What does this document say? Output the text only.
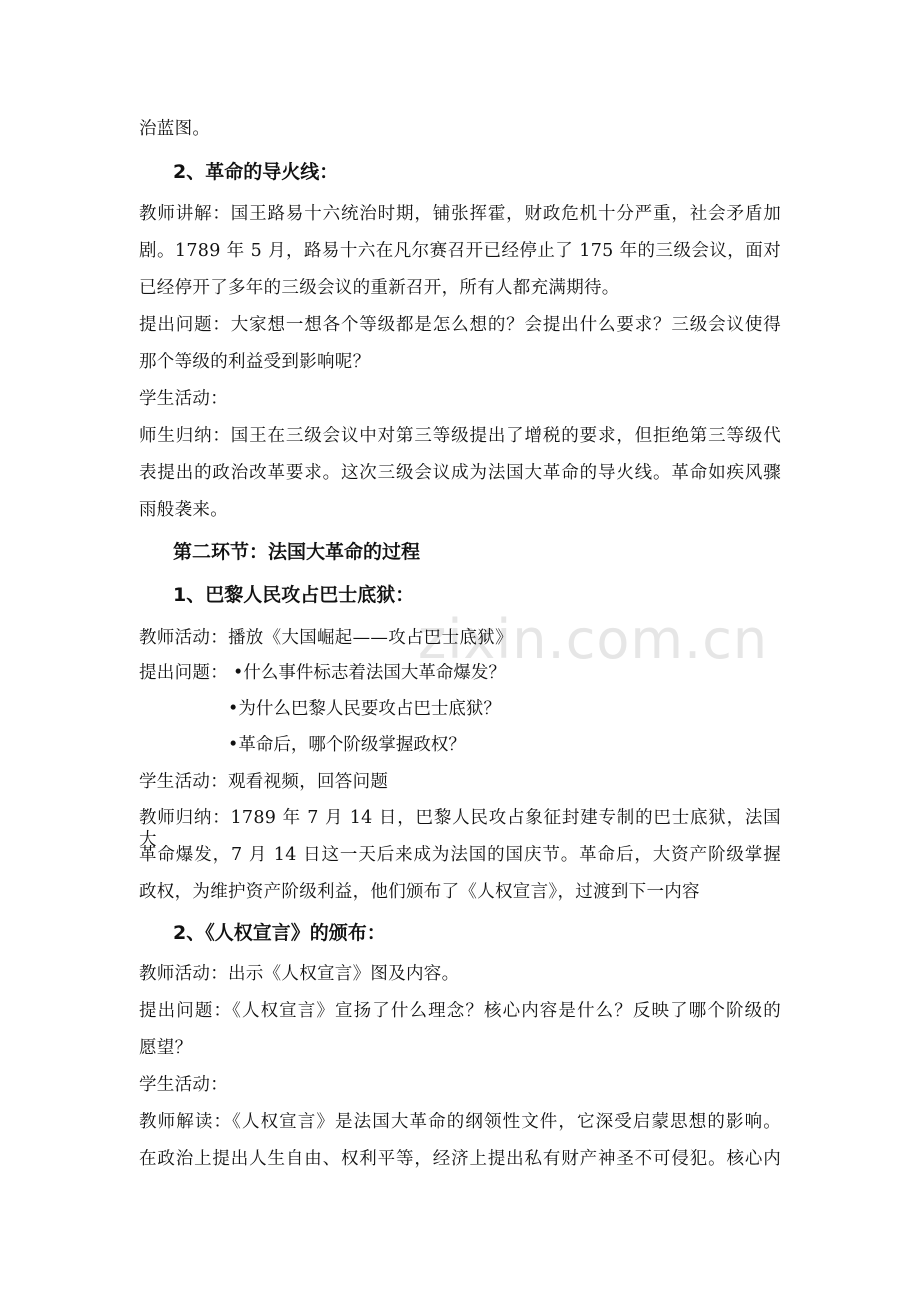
zixin.com.cn
治蓝图。
2、革命的导火线：
教师讲解：国王路易十六统治时期，铺张挥霍，财政危机十分严重，社会矛盾加
剧。1789 年 5 月，路易十六在凡尔赛召开已经停止了 175 年的三级会议，面对
已经停开了多年的三级会议的重新召开，所有人都充满期待。
提出问题：大家想一想各个等级都是怎么想的？会提出什么要求？三级会议使得
那个等级的利益受到影响呢？
学生活动：
师生归纳：国王在三级会议中对第三等级提出了增税的要求，但拒绝第三等级代
表提出的政治改革要求。这次三级会议成为法国大革命的导火线。革命如疾风骤
雨般袭来。
第二环节：法国大革命的过程
1、巴黎人民攻占巴士底狱：
教师活动：播放《大国崛起——攻占巴士底狱》
提出问题： •什么事件标志着法国大革命爆发？
•为什么巴黎人民要攻占巴士底狱？
•革命后，哪个阶级掌握政权？
学生活动：观看视频，回答问题
教师归纳：1789 年 7 月 14 日，巴黎人民攻占象征封建专制的巴士底狱，法国大
革命爆发，7 月 14 日这一天后来成为法国的国庆节。革命后，大资产阶级掌握
政权，为维护资产阶级利益，他们颁布了《人权宣言》，过渡到下一内容
2、《人权宣言》的颁布：
教师活动：出示《人权宣言》图及内容。
提出问题：《人权宣言》宣扬了什么理念？核心内容是什么？反映了哪个阶级的
愿望？
学生活动：
教师解读：《人权宣言》是法国大革命的纲领性文件，它深受启蒙思想的影响。
在政治上提出人生自由、权利平等，经济上提出私有财产神圣不可侵犯。核心内
